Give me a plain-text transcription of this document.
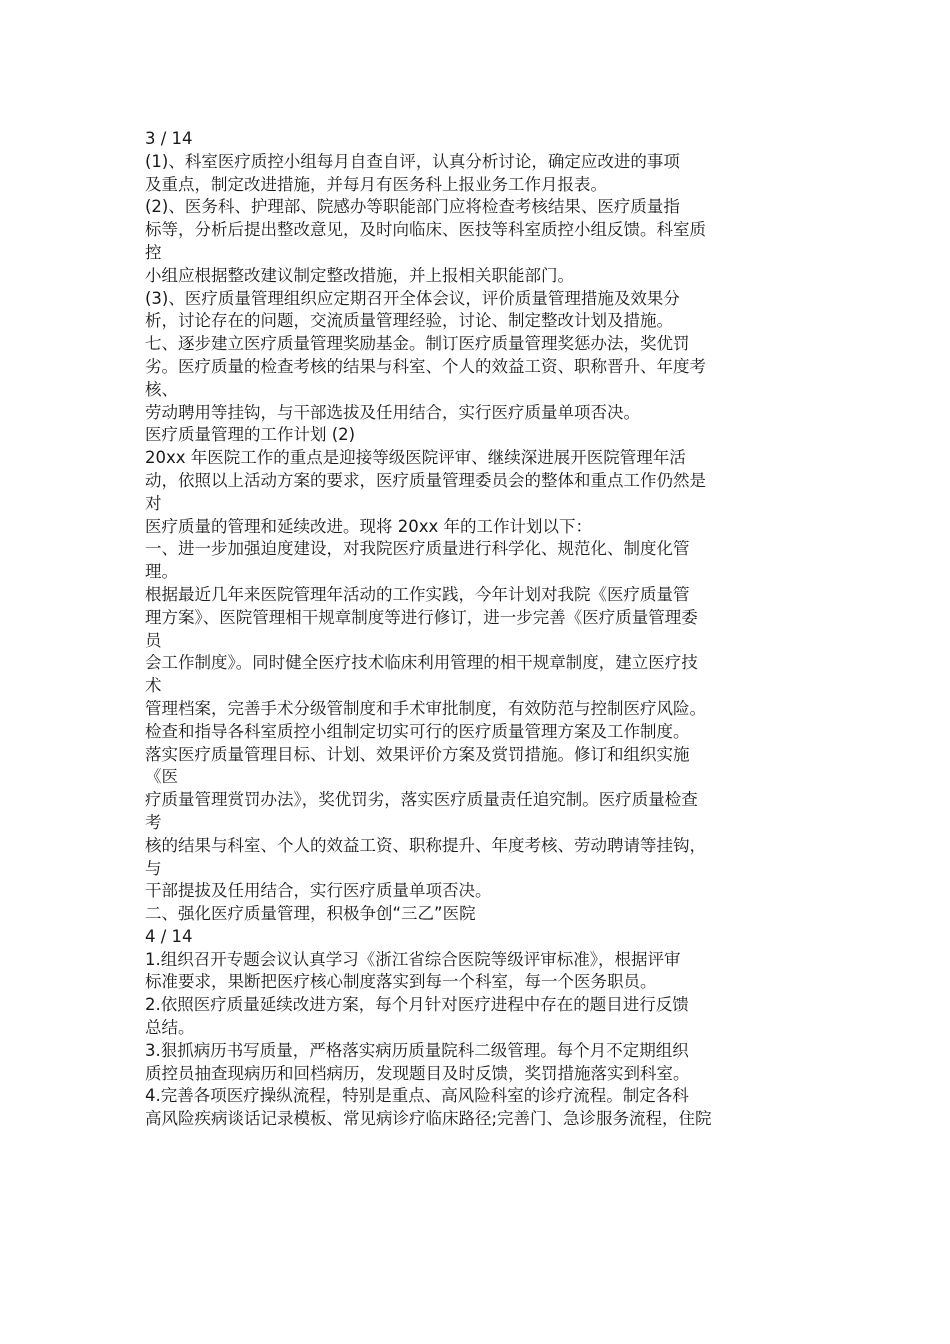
3 / 14
(1)、科室医疗质控小组每月自查自评，认真分析讨论，确定应改进的事项
及重点，制定改进措施，并每月有医务科上报业务工作月报表。
(2)、医务科、护理部、院感办等职能部门应将检查考核结果、医疗质量指
标等，分析后提出整改意见，及时向临床、医技等科室质控小组反馈。科室质
控
小组应根据整改建议制定整改措施，并上报相关职能部门。
(3)、医疗质量管理组织应定期召开全体会议，评价质量管理措施及效果分
析，讨论存在的问题，交流质量管理经验，讨论、制定整改计划及措施。
七、逐步建立医疗质量管理奖励基金。制订医疗质量管理奖惩办法，奖优罚
劣。医疗质量的检查考核的结果与科室、个人的效益工资、职称晋升、年度考
核、
劳动聘用等挂钩，与干部选拔及任用结合，实行医疗质量单项否决。
医疗质量管理的工作计划 (2)
20xx 年医院工作的重点是迎接等级医院评审、继续深进展开医院管理年活
动，依照以上活动方案的要求，医疗质量管理委员会的整体和重点工作仍然是
对
医疗质量的管理和延续改进。现将 20xx 年的工作计划以下：
一、进一步加强迫度建设，对我院医疗质量进行科学化、规范化、制度化管
理。
根据最近几年来医院管理年活动的工作实践，今年计划对我院《医疗质量管
理方案》、医院管理相干规章制度等进行修订，进一步完善《医疗质量管理委
员
会工作制度》。同时健全医疗技术临床利用管理的相干规章制度，建立医疗技
术
管理档案，完善手术分级管制度和手术审批制度，有效防范与控制医疗风险。
检查和指导各科室质控小组制定切实可行的医疗质量管理方案及工作制度。
落实医疗质量管理目标、计划、效果评价方案及赏罚措施。修订和组织实施
《医
疗质量管理赏罚办法》，奖优罚劣，落实医疗质量责任追究制。医疗质量检查
考
核的结果与科室、个人的效益工资、职称提升、年度考核、劳动聘请等挂钩，
与
干部提拔及任用结合，实行医疗质量单项否决。
二、强化医疗质量管理，积极争创“三乙”医院
4 / 14
1.组织召开专题会议认真学习《浙江省综合医院等级评审标准》，根据评审
标准要求，果断把医疗核心制度落实到每一个科室，每一个医务职员。
2.依照医疗质量延续改进方案，每个月针对医疗进程中存在的题目进行反馈
总结。
3.狠抓病历书写质量，严格落实病历质量院科二级管理。每个月不定期组织
质控员抽查现病历和回档病历，发现题目及时反馈，奖罚措施落实到科室。
4.完善各项医疗操纵流程，特别是重点、高风险科室的诊疗流程。制定各科
高风险疾病谈话记录模板、常见病诊疗临床路径;完善门、急诊服务流程，住院
